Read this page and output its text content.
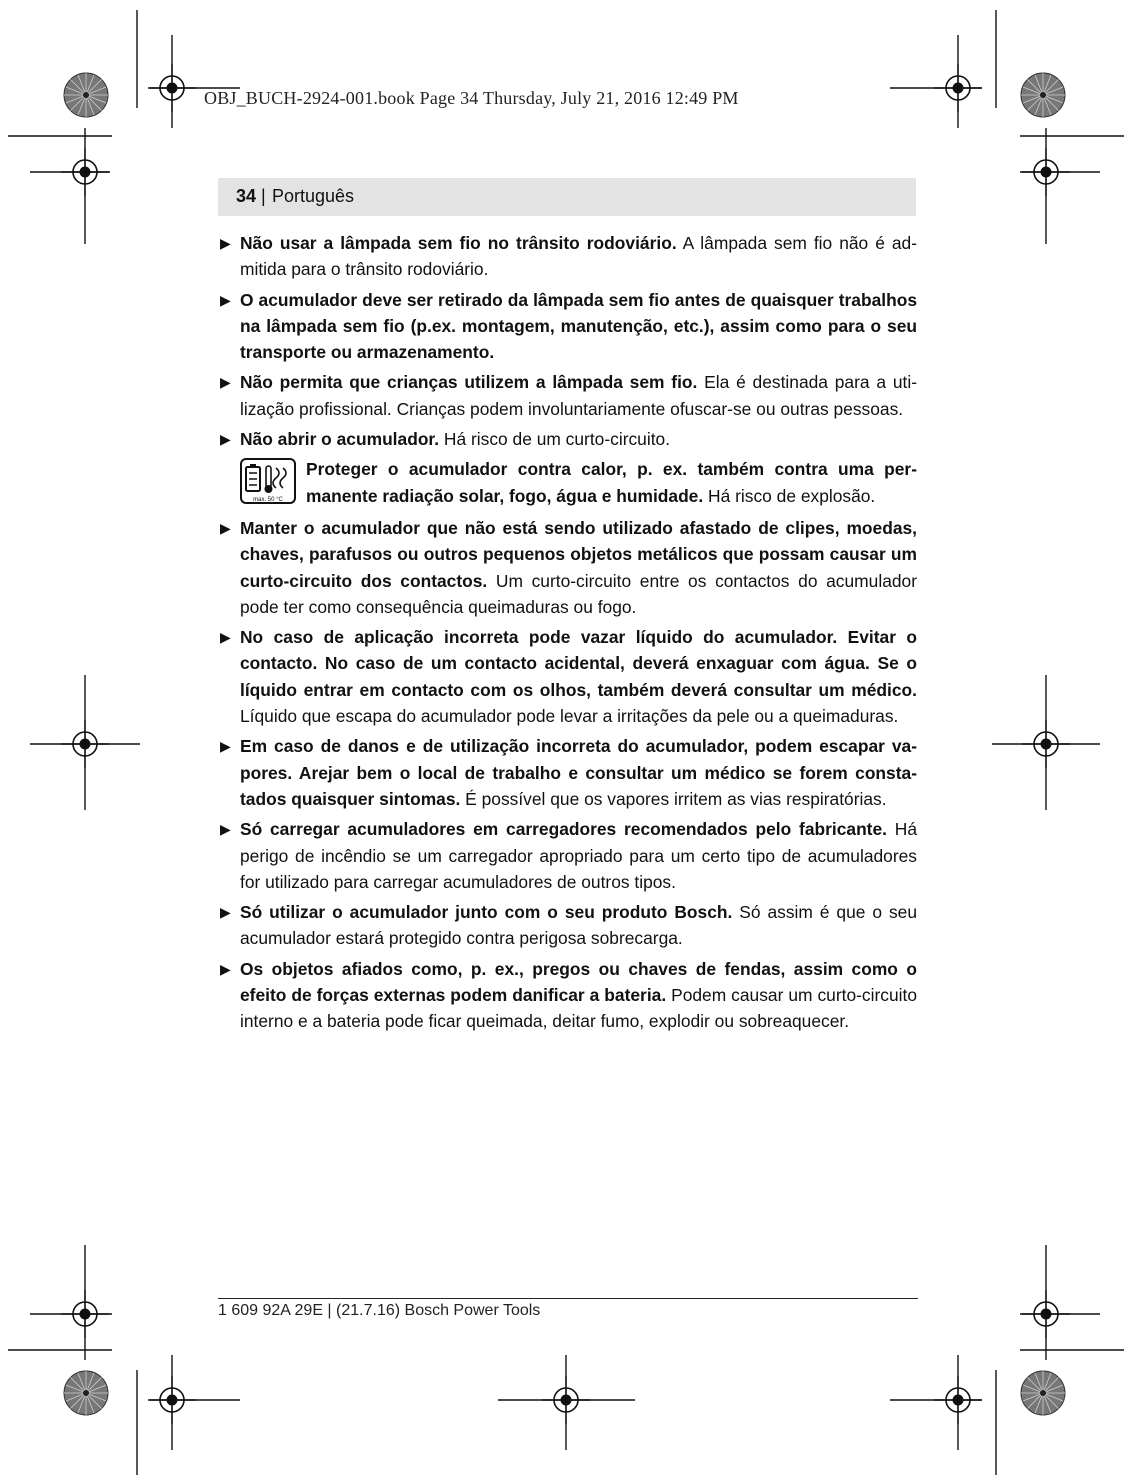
OBJ_BUCH-2924-001.book Page 34 Thursday, July 21, 2016 12:49 PM
34 | Português
▶ Não usar a lâmpada sem fio no trânsito rodoviário. A lâmpada sem fio não é admitida para o trânsito rodoviário.
▶ O acumulador deve ser retirado da lâmpada sem fio antes de quaisquer trabalhos na lâmpada sem fio (p.ex. montagem, manutenção, etc.), assim como para o seu transporte ou armazenamento.
▶ Não permita que crianças utilizem a lâmpada sem fio. Ela é destinada para a utilização profissional. Crianças podem involuntariamente ofuscar-se ou outras pessoas.
▶ Não abrir o acumulador. Há risco de um curto-circuito.
max. 50 °C
Proteger o acumulador contra calor, p. ex. também contra uma permanente radiação solar, fogo, água e humidade. Há risco de explosão.
▶ Manter o acumulador que não está sendo utilizado afastado de clipes, moedas, chaves, parafusos ou outros pequenos objetos metálicos que possam causar um curto-circuito dos contactos. Um curto-circuito entre os contactos do acumulador pode ter como consequência queimaduras ou fogo.
▶ No caso de aplicação incorreta pode vazar líquido do acumulador. Evitar o contacto. No caso de um contacto acidental, deverá enxaguar com água. Se o líquido entrar em contacto com os olhos, também deverá consultar um médico. Líquido que escapa do acumulador pode levar a irritações da pele ou a queimaduras.
▶ Em caso de danos e de utilização incorreta do acumulador, podem escapar vapores. Arejar bem o local de trabalho e consultar um médico se forem constatados quaisquer sintomas. É possível que os vapores irritem as vias respiratórias.
▶ Só carregar acumuladores em carregadores recomendados pelo fabricante. Há perigo de incêndio se um carregador apropriado para um certo tipo de acumuladores for utilizado para carregar acumuladores de outros tipos.
▶ Só utilizar o acumulador junto com o seu produto Bosch. Só assim é que o seu acumulador estará protegido contra perigosa sobrecarga.
▶ Os objetos afiados como, p. ex., pregos ou chaves de fendas, assim como o efeito de forças externas podem danificar a bateria. Podem causar um curto-circuito interno e a bateria pode ficar queimada, deitar fumo, explodir ou sobreaquecer.
1 609 92A 29E | (21.7.16) Bosch Power Tools
